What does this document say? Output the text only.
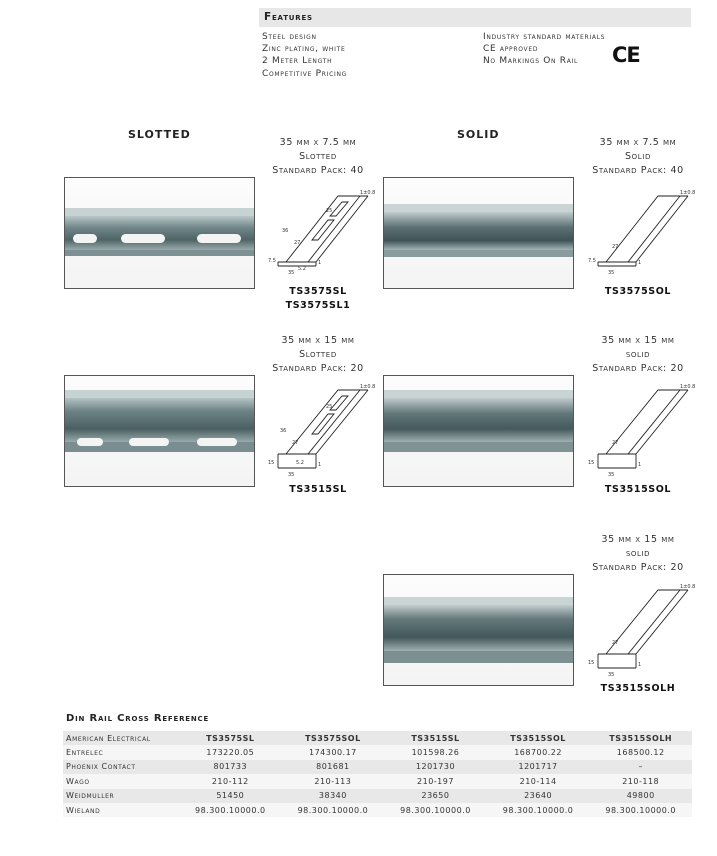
Features
Steel design
Zinc plating, white
2 Meter Length
Competitive Pricing
Industry standard materials
CE approved
No Markings On Rail	CE
SLOTTED	SOLID
35 mm x 7.5 mm
Slotted
Standard Pack: 40
35 mm x 7.5 mm
Solid
Standard Pack: 40
35 mm x 15 mm
Slotted
Standard Pack: 20
35 mm x 15 mm
solid
Standard Pack: 20
35 mm x 15 mm
solid
Standard Pack: 20
1±0.8
35
27
25
36
5.2
7.5	1
1±0.8
35
27
7.5	1
1±0.8
35
27
25
36
5.2
15	1
1±0.8
35
27
15	1
1±0.8
35
27
15	1
TS3575SL
TS3575SL1
TS3575SOL
TS3515SL	TS3515SOL
TS3515SOLH
Din Rail Cross Reference
American Electrical	TS3575SL	TS3575SOL	TS3515SL	TS3515SOL	TS3515SOLH
Entrelec	173220.05	174300.17	101598.26	168700.22	168500.12
Phoenix Contact	801733	801681	1201730	1201717	–
Wago	210-112	210-113	210-197	210-114	210-118
Weidmuller	51450	38340	23650	23640	49800
Wieland	98.300.10000.0	98.300.10000.0	98.300.10000.0	98.300.10000.0	98.300.10000.0
